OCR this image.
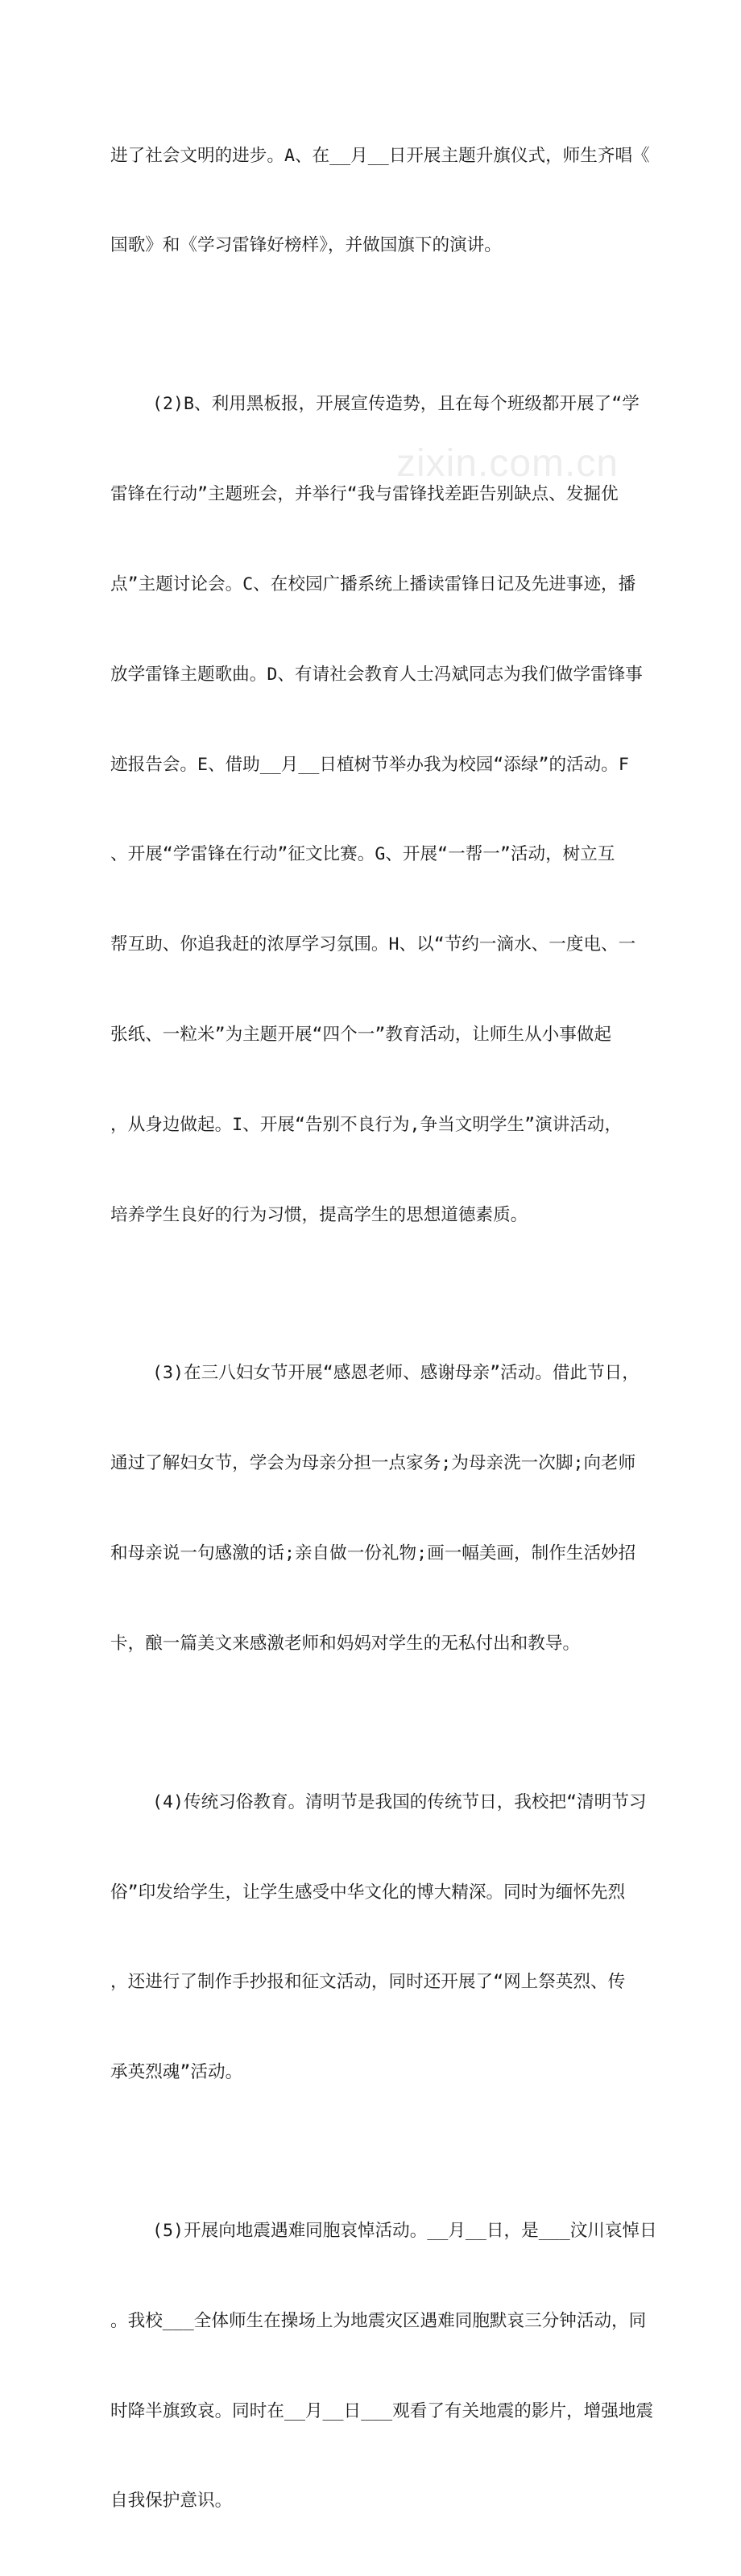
进了社会文明的进步。A、在__月__日开展主题升旗仪式，师生齐唱《

国歌》和《学习雷锋好榜样》，并做国旗下的演讲。

(2)B、利用黑板报，开展宣传造势，且在每个班级都开展了“学

雷锋在行动”主题班会，并举行“我与雷锋找差距告别缺点、发掘优

点”主题讨论会。C、在校园广播系统上播读雷锋日记及先进事迹，播

放学雷锋主题歌曲。D、有请社会教育人士冯斌同志为我们做学雷锋事

迹报告会。E、借助__月__日植树节举办我为校园“添绿”的活动。F

、开展“学雷锋在行动”征文比赛。G、开展“一帮一”活动，树立互

帮互助、你追我赶的浓厚学习氛围。H、以“节约一滴水、一度电、一

张纸、一粒米”为主题开展“四个一”教育活动，让师生从小事做起

，从身边做起。I、开展“告别不良行为,争当文明学生”演讲活动，

培养学生良好的行为习惯，提高学生的思想道德素质。

(3)在三八妇女节开展“感恩老师、感谢母亲”活动。借此节日，

通过了解妇女节，学会为母亲分担一点家务;为母亲洗一次脚;向老师

和母亲说一句感激的话;亲自做一份礼物;画一幅美画，制作生活妙招

卡，酿一篇美文来感激老师和妈妈对学生的无私付出和教导。

(4)传统习俗教育。清明节是我国的传统节日，我校把“清明节习

俗”印发给学生，让学生感受中华文化的博大精深。同时为缅怀先烈

，还进行了制作手抄报和征文活动，同时还开展了“网上祭英烈、传

承英烈魂”活动。

(5)开展向地震遇难同胞哀悼活动。__月__日，是___汶川哀悼日

。我校___全体师生在操场上为地震灾区遇难同胞默哀三分钟活动，同

时降半旗致哀。同时在__月__日___观看了有关地震的影片，增强地震

自我保护意识。

zixin.com.cn
